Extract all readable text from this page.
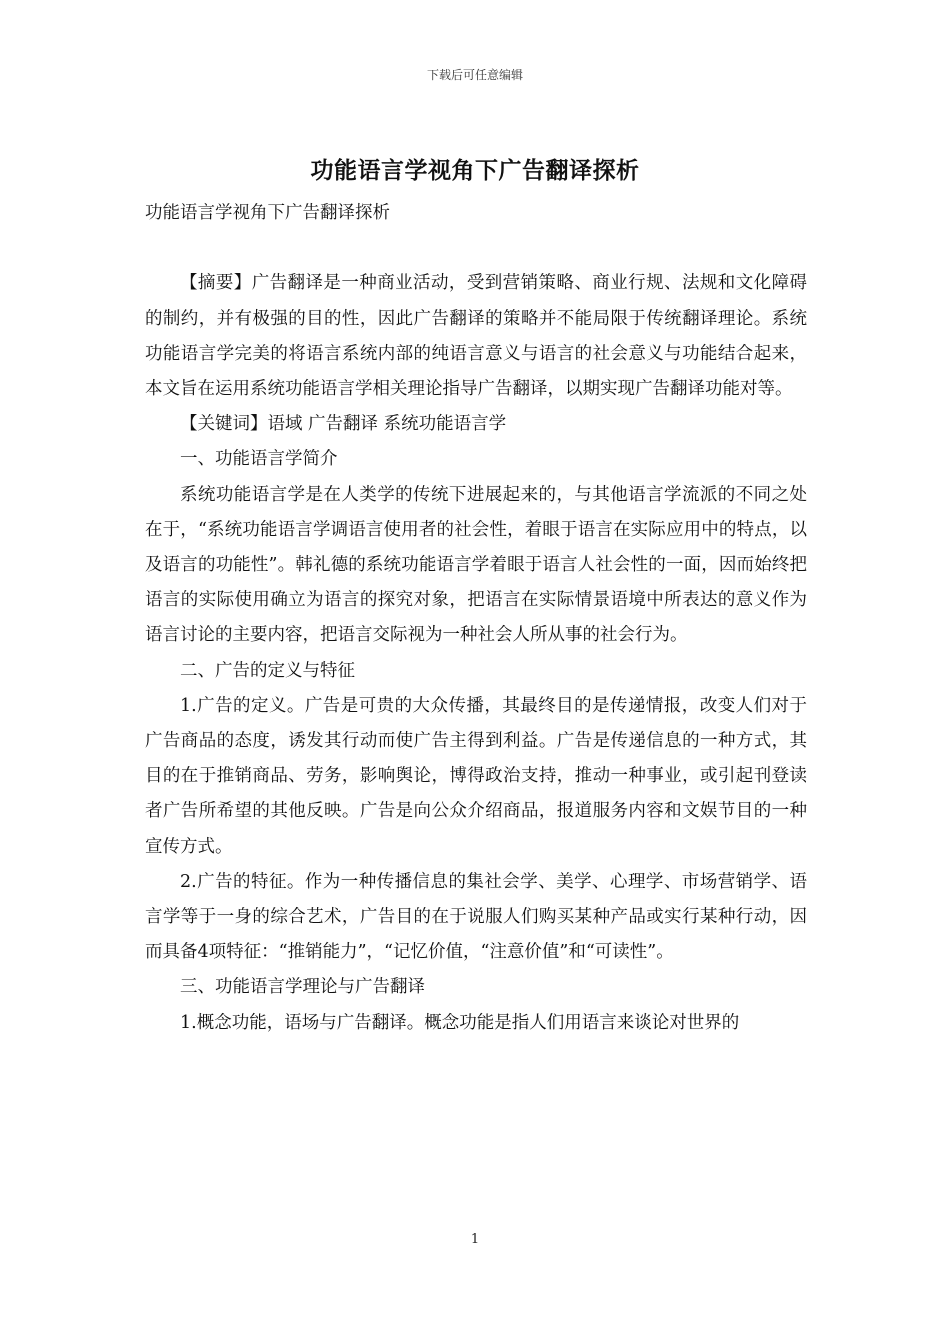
下载后可任意编辑
功能语言学视角下广告翻译探析

功能语言学视角下广告翻译探析

【摘要】广告翻译是一种商业活动，受到营销策略、商业行规、法规和文化障碍的制约，并有极强的目的性，因此广告翻译的策略并不能局限于传统翻译理论。系统功能语言学完美的将语言系统内部的纯语言意义与语言的社会意义与功能结合起来，本文旨在运用系统功能语言学相关理论指导广告翻译，以期实现广告翻译功能对等。

【关键词】语域 广告翻译 系统功能语言学

一、功能语言学简介

系统功能语言学是在人类学的传统下进展起来的，与其他语言学流派的不同之处在于，“系统功能语言学调语言使用者的社会性，着眼于语言在实际应用中的特点，以及语言的功能性”。韩礼德的系统功能语言学着眼于语言人社会性的一面，因而始终把语言的实际使用确立为语言的探究对象，把语言在实际情景语境中所表达的意义作为语言讨论的主要内容，把语言交际视为一种社会人所从事的社会行为。

二、广告的定义与特征

1.广告的定义。广告是可贵的大众传播，其最终目的是传递情报，改变人们对于广告商品的态度，诱发其行动而使广告主得到利益。广告是传递信息的一种方式，其目的在于推销商品、劳务，影响舆论，博得政治支持，推动一种事业，或引起刊登读者广告所希望的其他反映。广告是向公众介绍商品，报道服务内容和文娱节目的一种宣传方式。

2.广告的特征。作为一种传播信息的集社会学、美学、心理学、市场营销学、语言学等于一身的综合艺术，广告目的在于说服人们购买某种产品或实行某种行动，因而具备4项特征：“推销能力”，“记忆价值，“注意价值”和“可读性”。

三、功能语言学理论与广告翻译

1.概念功能，语场与广告翻译。概念功能是指人们用语言来谈论对世界的

1
